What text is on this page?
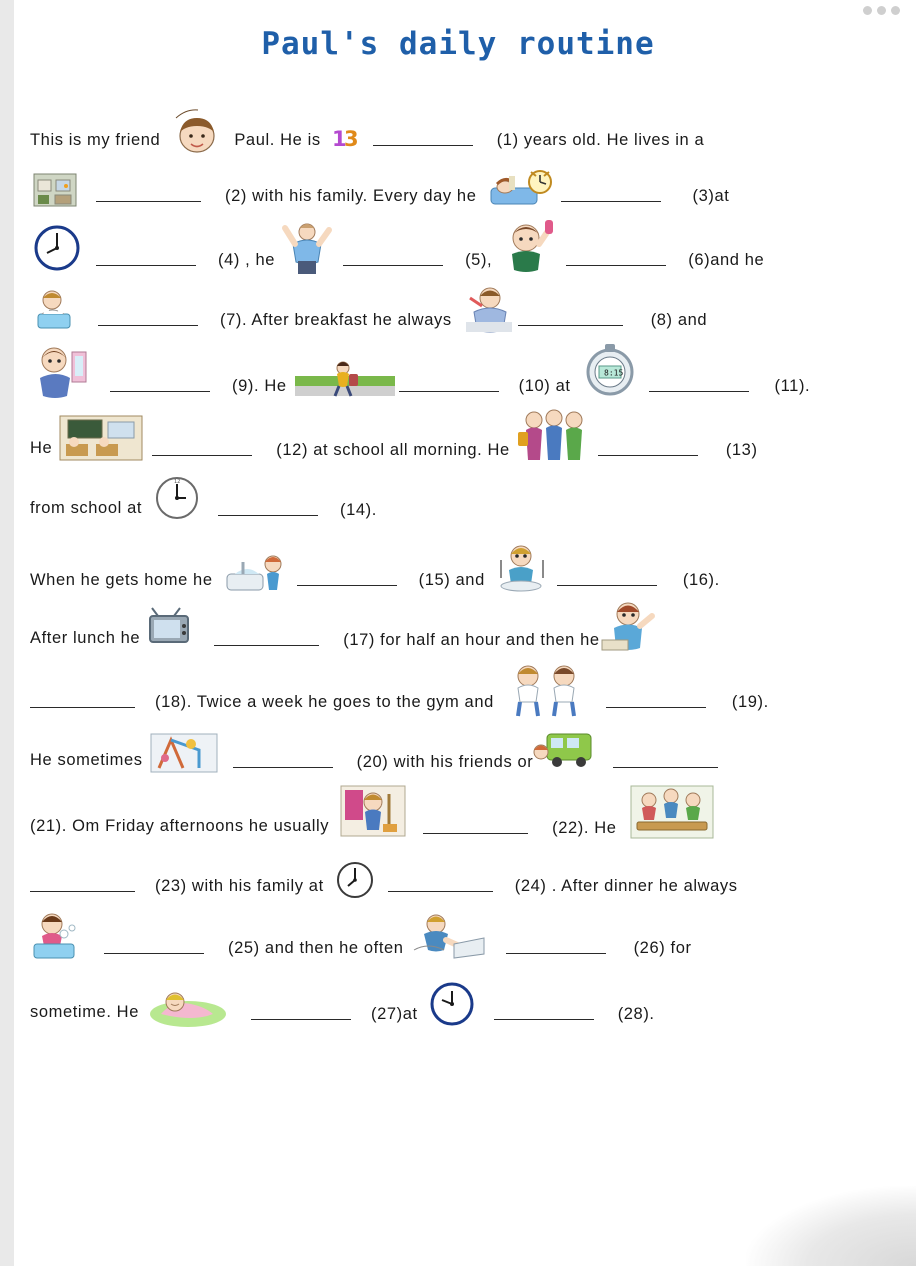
Paul's daily routine
This is my friend	Paul. He is 1
3	(1) years old. He lives in a
(2) with his family. Every day he	(3)at
(4) , he	(5),	(6)and he
(7). After breakfast he always	(8) and
(9). He	(10) at
8:15
(11).
He	(12) at school all morning. He	(13)
from school at
12
(14).
When he gets home he	(15) and	(16).
After lunch he	(17) for half an hour and then he
(18). Twice a week he goes to the gym and	(19).
He sometimes	(20) with his friends or
(21). Om Friday afternoons he usually	(22). He
(23) with his family at	(24) . After dinner he always
(25) and then he often	(26) for
sometime. He	(27)at	(28).
